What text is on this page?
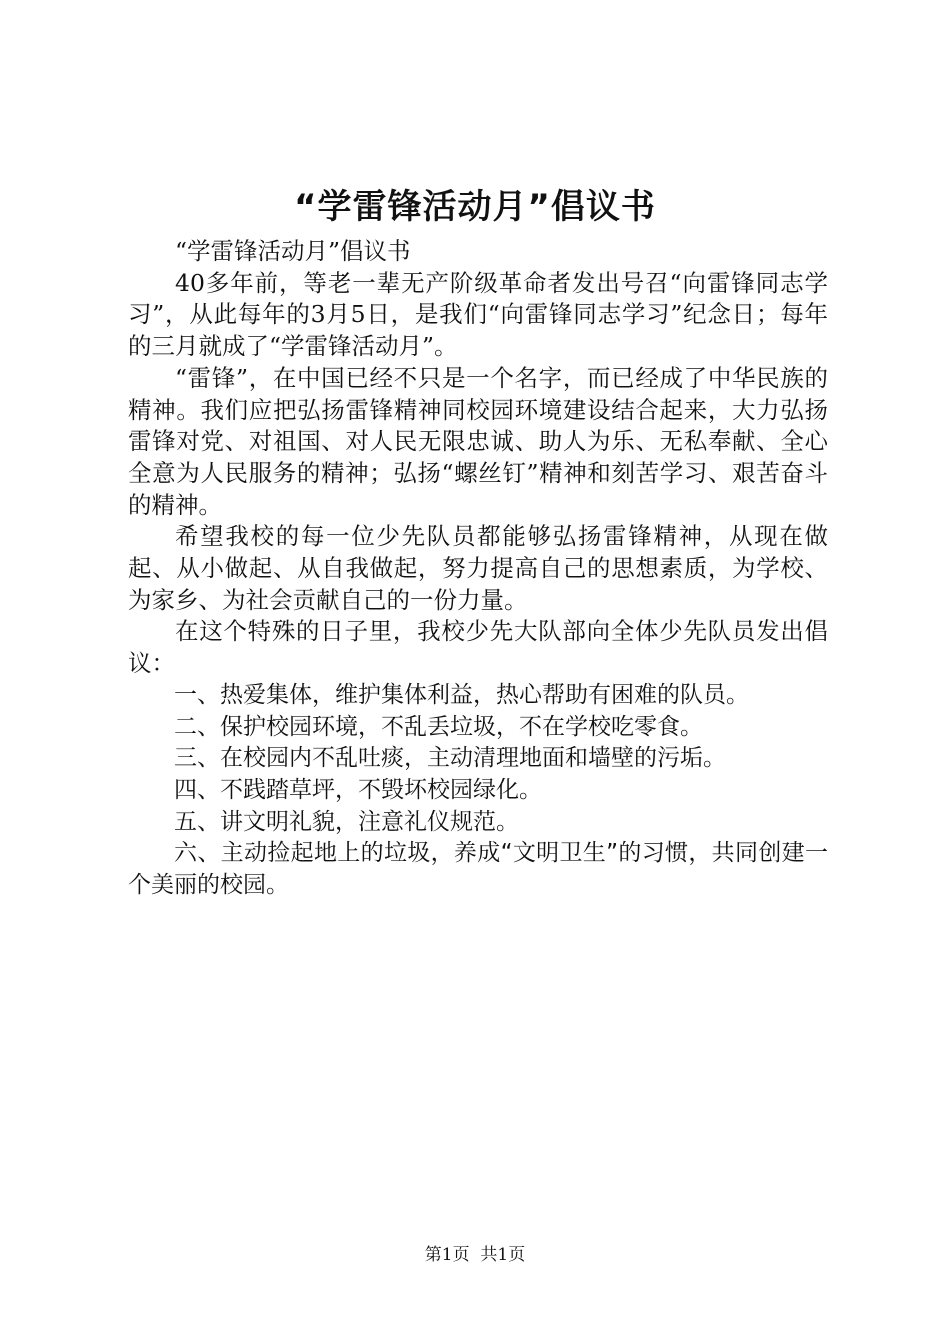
“学雷锋活动月”倡议书

“学雷锋活动月”倡议书

40多年前，等老一辈无产阶级革命者发出号召“向雷锋同志学习”，从此每年的3月5日，是我们“向雷锋同志学习”纪念日；每年的三月就成了“学雷锋活动月”。

“雷锋”，在中国已经不只是一个名字，而已经成了中华民族的精神。我们应把弘扬雷锋精神同校园环境建设结合起来，大力弘扬雷锋对党、对祖国、对人民无限忠诚、助人为乐、无私奉献、全心全意为人民服务的精神；弘扬“螺丝钉”精神和刻苦学习、艰苦奋斗的精神。

希望我校的每一位少先队员都能够弘扬雷锋精神，从现在做起、从小做起、从自我做起，努力提高自己的思想素质，为学校、为家乡、为社会贡献自己的一份力量。

在这个特殊的日子里，我校少先大队部向全体少先队员发出倡议：

一、热爱集体，维护集体利益，热心帮助有困难的队员。

二、保护校园环境，不乱丢垃圾，不在学校吃零食。

三、在校园内不乱吐痰，主动清理地面和墙壁的污垢。

四、不践踏草坪，不毁坏校园绿化。

五、讲文明礼貌，注意礼仪规范。

六、主动捡起地上的垃圾，养成“文明卫生”的习惯，共同创建一个美丽的校园。

第1页 共1页
